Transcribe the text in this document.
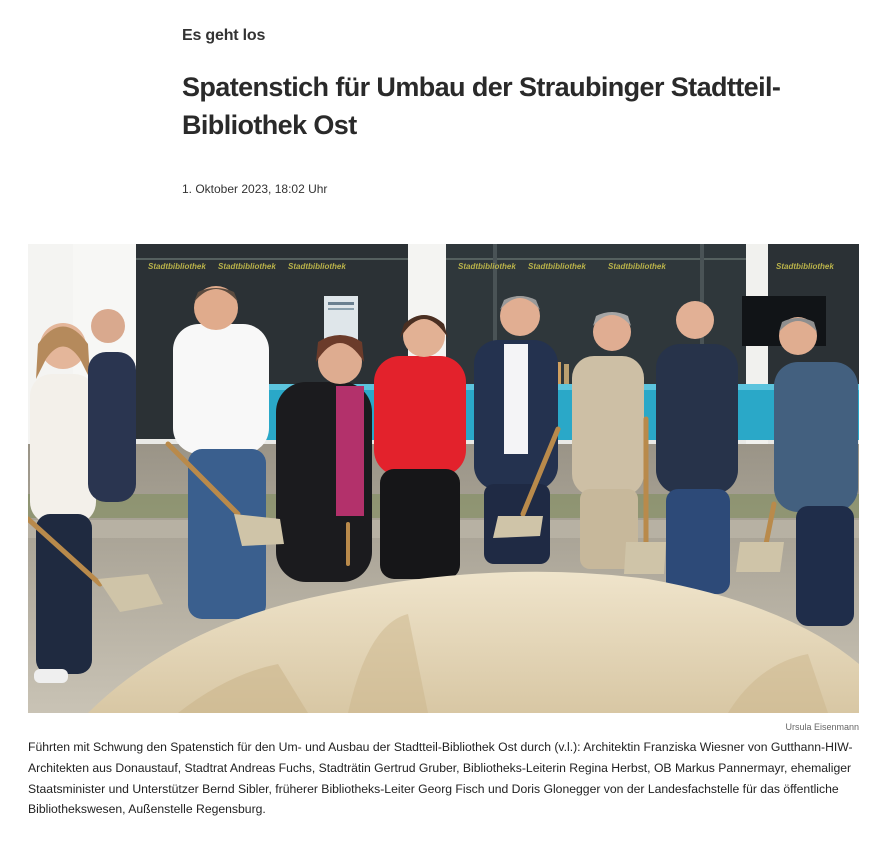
Es geht los

Spatenstich für Umbau der Straubinger Stadtteil-Bibliothek Ost

1. Oktober 2023, 18:02 Uhr

Stadtbibliothek Stadtbibliothek Stadtbibliothek	Stadtbibliothek Stadtbibliothek	Stadtbibliothek	Stadtbibliothek
Ursula Eisenmann

Führten mit Schwung den Spatenstich für den Um- und Ausbau der Stadtteil-Bibliothek Ost durch (v.l.): Architektin Franziska Wiesner von Gutthann-HIW-Architekten aus Donaustauf, Stadtrat Andreas Fuchs, Stadträtin Gertrud Gruber, Bibliotheks-Leiterin Regina Herbst, OB Markus Pannermayr, ehemaliger Staatsminister und Unterstützer Bernd Sibler, früherer Bibliotheks-Leiter Georg Fisch und Doris Glonegger von der Landesfachstelle für das öffentliche Bibliothekswesen, Außenstelle Regensburg.
